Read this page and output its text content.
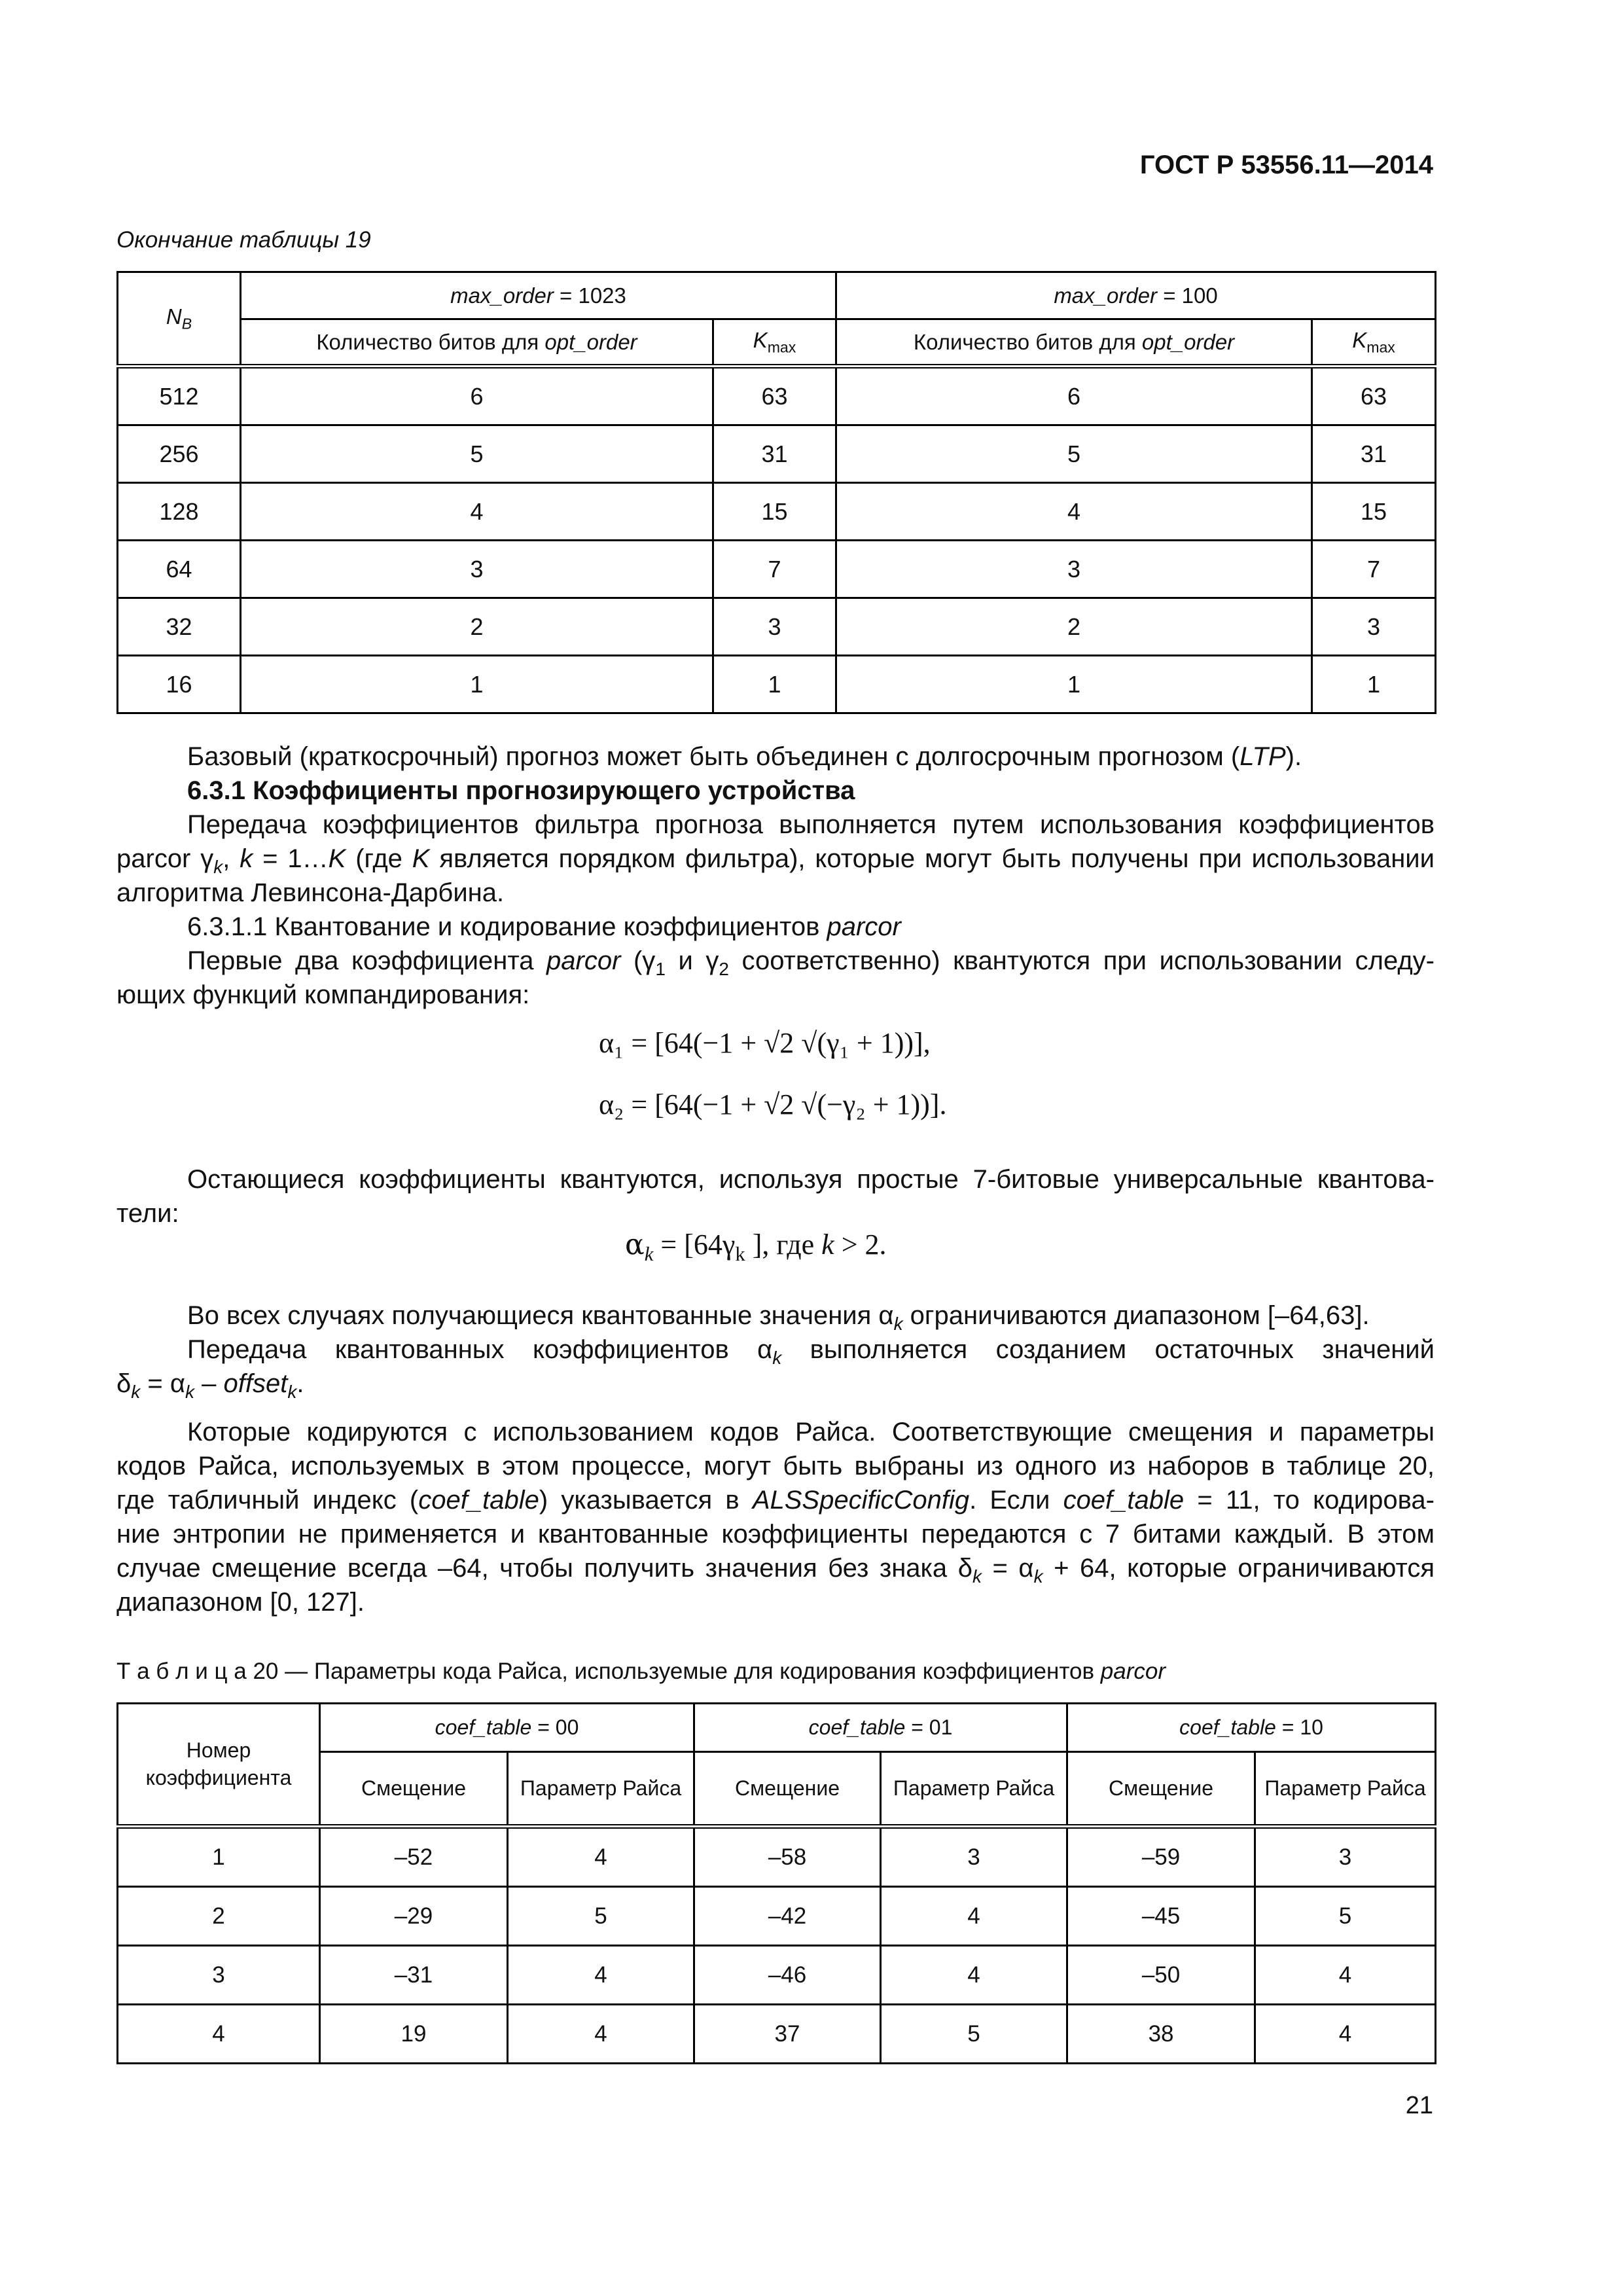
ГОСТ Р 53556.11—2014
Окончание таблицы 19
$N_B$	max_order = 1023		max_order = 100	
	Количество битов для opt_order	$K_{max}$	Количество битов для opt_order	$K_{max}$
512	6	63	6	63
256	5	31	5	31
128	4	15	4	15
64	3	7	3	7
32	2	3	2	3
16	1	1	1	1
Базовый (краткосрочный) прогноз может быть объединен с долгосрочным прогнозом (LTP).
6.3.1 Коэффициенты прогнозирующего устройства
Передача коэффициентов фильтра прогноза выполняется путем использования коэффициентов
parcor $\gamma_k$, k = 1…K (где K является порядком фильтра), которые могут быть получены при использовании
алгоритма Левинсона-Дарбина.
6.3.1.1 Квантование и кодирование коэффициентов parcor
Первые два коэффициента parcor ($\gamma_1$ и $\gamma_2$ соответственно) квантуются при использовании следу-
ющих функций компандирования:
α₁ = [64(−1 + √2 √(γ₁ + 1))],
α₂ = [64(−1 + √2 √(−γ₂ + 1))].
Остающиеся коэффициенты квантуются, используя простые 7-битовые универсальные квантова-
тели:
$\alpha_k = [64\gamma_k$ ], где k > 2.
Во всех случаях получающиеся квантованные значения $\alpha_k$ ограничиваются диапазоном [–64,63].
Передача квантованных коэффициентов $\alpha_k$ выполняется созданием остаточных значений
$\delta_k = \alpha_k$ – offset$_k$.
Которые кодируются с использованием кодов Райса. Соответствующие смещения и параметры
кодов Райса, используемых в этом процессе, могут быть выбраны из одного из наборов в таблице 20,
где табличный индекс (coef_table) указывается в ALSSpecificConfig. Если coef_table = 11, то кодирова-
ние энтропии не применяется и квантованные коэффициенты передаются с 7 битами каждый. В этом
случае смещение всегда –64, чтобы получить значения без знака $\delta_k = \alpha_k + 64$, которые ограничиваются
диапазоном [0, 127].
Т а б л и ц а 20 — Параметры кода Райса, используемые для кодирования коэффициентов parcor
Номер коэффициента	coef_table = 00		coef_table = 01		coef_table = 10	
	Смещение	Параметр Райса	Смещение	Параметр Райса	Смещение	Параметр Райса
1	–52	4	–58	3	–59	3
2	–29	5	–42	4	–45	5
3	–31	4	–46	4	–50	4
4	19	4	37	5	38	4
21
